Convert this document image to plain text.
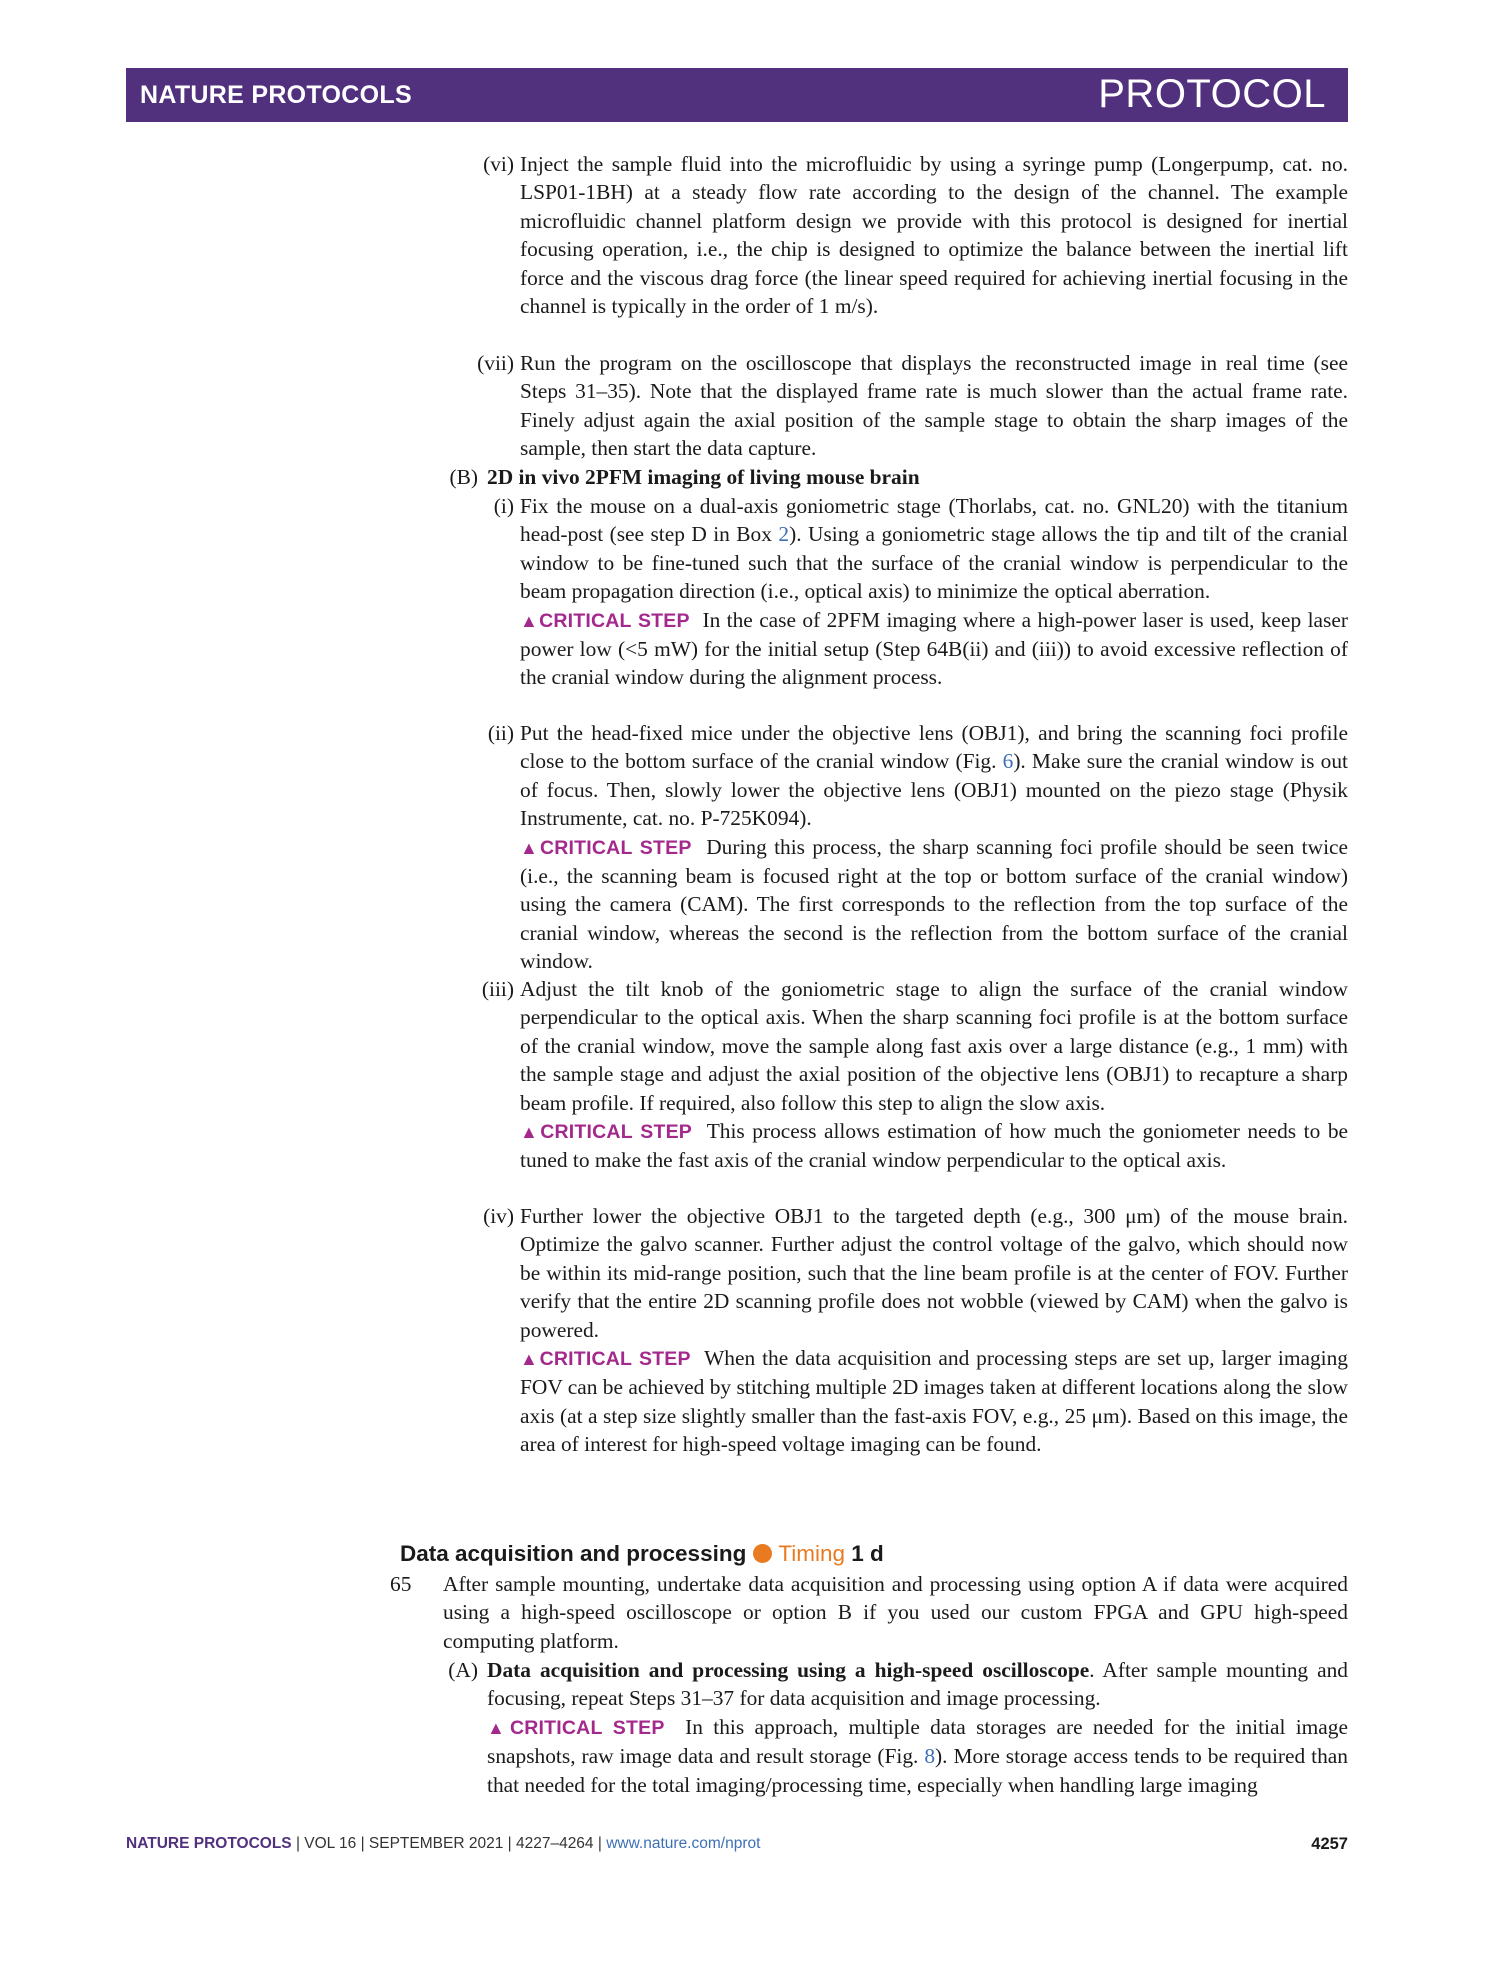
NATURE PROTOCOLS	PROTOCOL
(vi) Inject the sample fluid into the microfluidic by using a syringe pump (Longerpump, cat. no. LSP01-1BH) at a steady flow rate according to the design of the channel. The example microfluidic channel platform design we provide with this protocol is designed for inertial focusing operation, i.e., the chip is designed to optimize the balance between the inertial lift force and the viscous drag force (the linear speed required for achieving inertial focusing in the channel is typically in the order of 1 m/s).
(vii) Run the program on the oscilloscope that displays the reconstructed image in real time (see Steps 31–35). Note that the displayed frame rate is much slower than the actual frame rate. Finely adjust again the axial position of the sample stage to obtain the sharp images of the sample, then start the data capture.
(B) 2D in vivo 2PFM imaging of living mouse brain
(i) Fix the mouse on a dual-axis goniometric stage (Thorlabs, cat. no. GNL20) with the titanium head-post (see step D in Box 2). Using a goniometric stage allows the tip and tilt of the cranial window to be fine-tuned such that the surface of the cranial window is perpendicular to the beam propagation direction (i.e., optical axis) to minimize the optical aberration.
▲CRITICAL STEP In the case of 2PFM imaging where a high-power laser is used, keep laser power low (<5 mW) for the initial setup (Step 64B(ii) and (iii)) to avoid excessive reflection of the cranial window during the alignment process.
(ii) Put the head-fixed mice under the objective lens (OBJ1), and bring the scanning foci profile close to the bottom surface of the cranial window (Fig. 6). Make sure the cranial window is out of focus. Then, slowly lower the objective lens (OBJ1) mounted on the piezo stage (Physik Instrumente, cat. no. P-725K094).
▲CRITICAL STEP During this process, the sharp scanning foci profile should be seen twice (i.e., the scanning beam is focused right at the top or bottom surface of the cranial window) using the camera (CAM). The first corresponds to the reflection from the top surface of the cranial window, whereas the second is the reflection from the bottom surface of the cranial window.
(iii) Adjust the tilt knob of the goniometric stage to align the surface of the cranial window perpendicular to the optical axis. When the sharp scanning foci profile is at the bottom surface of the cranial window, move the sample along fast axis over a large distance (e.g., 1 mm) with the sample stage and adjust the axial position of the objective lens (OBJ1) to recapture a sharp beam profile. If required, also follow this step to align the slow axis.
▲CRITICAL STEP This process allows estimation of how much the goniometer needs to be tuned to make the fast axis of the cranial window perpendicular to the optical axis.
(iv) Further lower the objective OBJ1 to the targeted depth (e.g., 300 μm) of the mouse brain. Optimize the galvo scanner. Further adjust the control voltage of the galvo, which should now be within its mid-range position, such that the line beam profile is at the center of FOV. Further verify that the entire 2D scanning profile does not wobble (viewed by CAM) when the galvo is powered.
▲CRITICAL STEP When the data acquisition and processing steps are set up, larger imaging FOV can be achieved by stitching multiple 2D images taken at different locations along the slow axis (at a step size slightly smaller than the fast-axis FOV, e.g., 25 μm). Based on this image, the area of interest for high-speed voltage imaging can be found.
Data acquisition and processing Timing 1 d
65	After sample mounting, undertake data acquisition and processing using option A if data were acquired using a high-speed oscilloscope or option B if you used our custom FPGA and GPU high-speed computing platform.
(A) Data acquisition and processing using a high-speed oscilloscope. After sample mounting and focusing, repeat Steps 31–37 for data acquisition and image processing.
▲CRITICAL STEP In this approach, multiple data storages are needed for the initial image snapshots, raw image data and result storage (Fig. 8). More storage access tends to be required than that needed for the total imaging/processing time, especially when handling large imaging
NATURE PROTOCOLS | VOL 16 | SEPTEMBER 2021 | 4227–4264 | www.nature.com/nprot	4257
